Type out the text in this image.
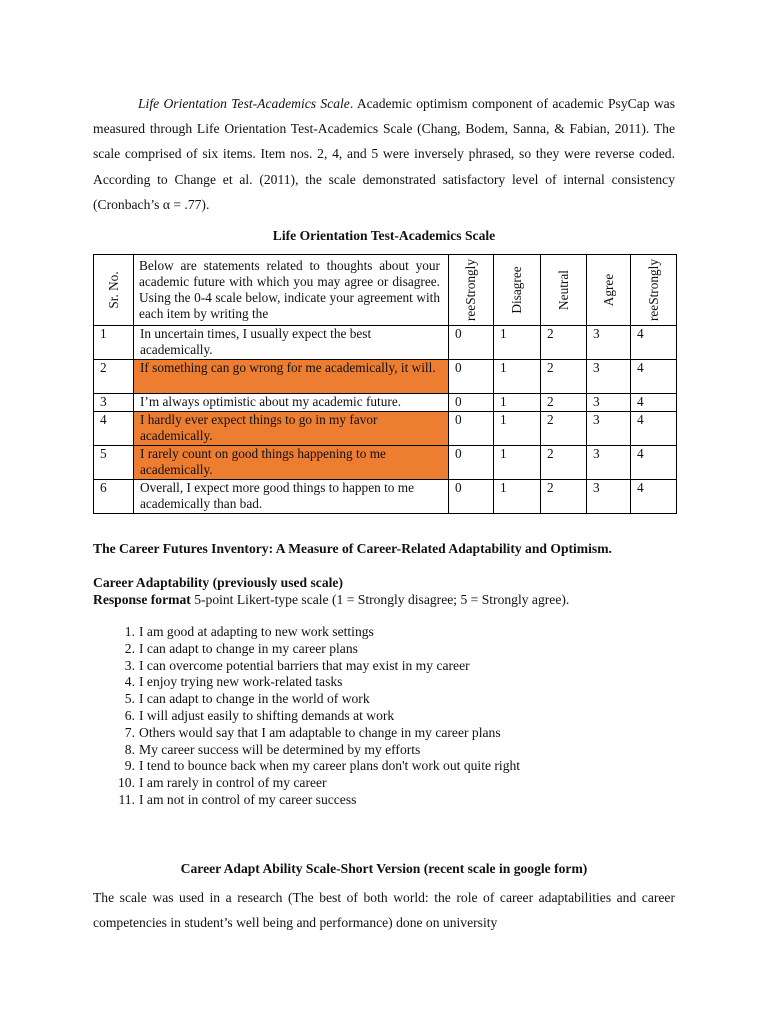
Life Orientation Test-Academics Scale. Academic optimism component of academic PsyCap was measured through Life Orientation Test-Academics Scale (Chang, Bodem, Sanna, & Fabian, 2011). The scale comprised of six items. Item nos. 2, 4, and 5 were inversely phrased, so they were reverse coded. According to Change et al. (2011), the scale demonstrated satisfactory level of internal consistency (Cronbach’s α = .77).

Life Orientation Test-Academics Scale

Sr. No.	Below are statements related to thoughts about your academic future with which you may agree or disagree. Using the 0-4 scale below, indicate your agreement with each item by writing the	reeStrongly	Disagree	Neutral	Agree	reeStrongly

1	In uncertain times, I usually expect the best academically.	0	1	2	3	4
2	If something can go wrong for me academically, it will.	0	1	2	3	4
3	I’m always optimistic about my academic future.	0	1	2	3	4
4	I hardly ever expect things to go in my favor academically.	0	1	2	3	4
5	I rarely count on good things happening to me academically.	0	1	2	3	4
6	Overall, I expect more good things to happen to me academically than bad.	0	1	2	3	4

The Career Futures Inventory: A Measure of Career-Related Adaptability and Optimism.

Career Adaptability (previously used scale)

Response format 5-point Likert-type scale (1 = Strongly disagree; 5 = Strongly agree).

1. I am good at adapting to new work settings
2. I can adapt to change in my career plans
3. I can overcome potential barriers that may exist in my career
4. I enjoy trying new work-related tasks
5. I can adapt to change in the world of work
6. I will adjust easily to shifting demands at work
7. Others would say that I am adaptable to change in my career plans
8. My career success will be determined by my efforts
9. I tend to bounce back when my career plans don't work out quite right
10. I am rarely in control of my career
11. I am not in control of my career success

Career Adapt Ability Scale-Short Version (recent scale in google form)

The scale was used in a research (The best of both world: the role of career adaptabilities and career competencies in student’s well being and performance) done on university
